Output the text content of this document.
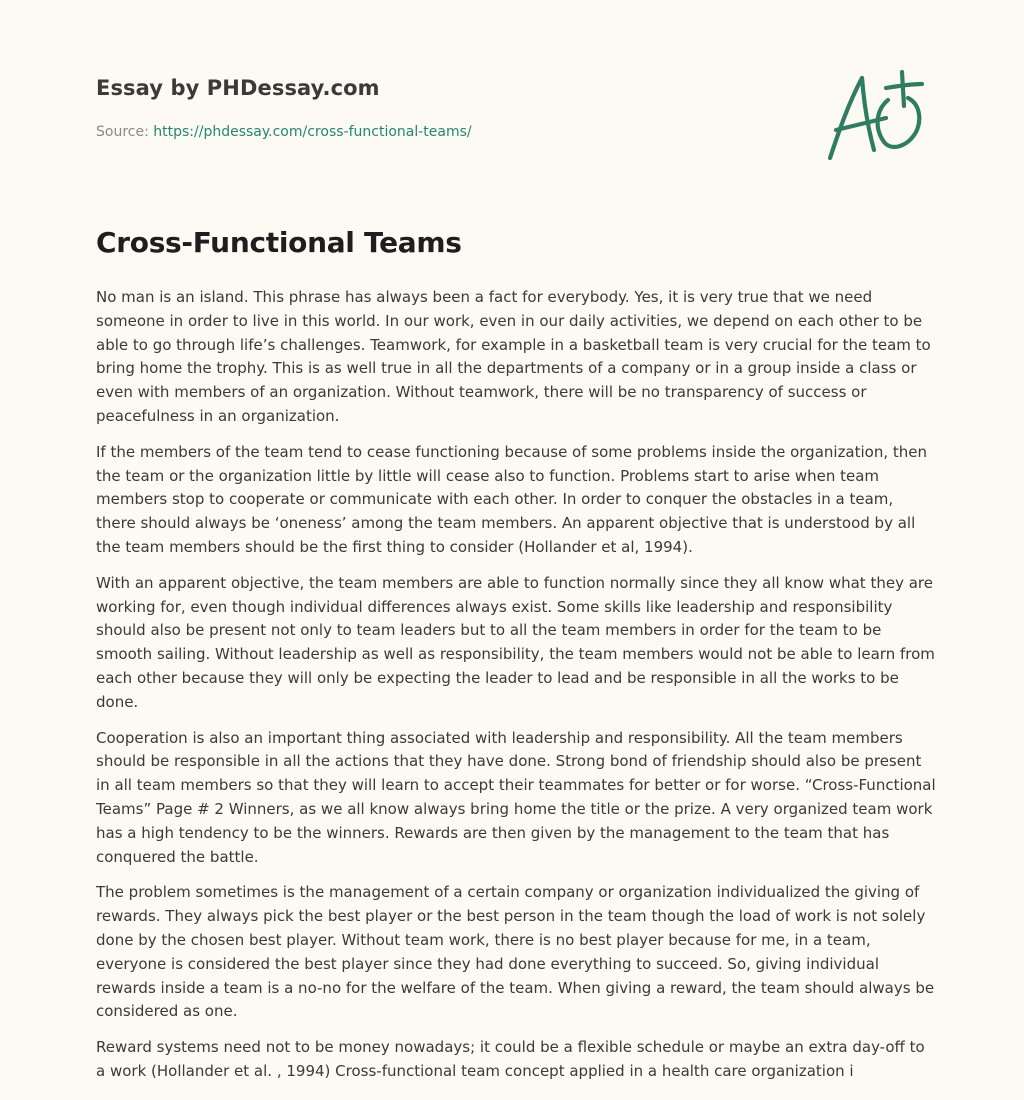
Essay by PHDessay.com

Source: https://phdessay.com/cross-functional-teams/

Cross-Functional Teams

No man is an island. This phrase has always been a fact for everybody. Yes, it is very true that we need someone in order to live in this world. In our work, even in our daily activities, we depend on each other to be able to go through life’s challenges. Teamwork, for example in a basketball team is very crucial for the team to bring home the trophy. This is as well true in all the departments of a company or in a group inside a class or even with members of an organization. Without teamwork, there will be no transparency of success or peacefulness in an organization.

If the members of the team tend to cease functioning because of some problems inside the organization, then the team or the organization little by little will cease also to function. Problems start to arise when team members stop to cooperate or communicate with each other. In order to conquer the obstacles in a team, there should always be ‘oneness’ among the team members. An apparent objective that is understood by all the team members should be the first thing to consider (Hollander et al, 1994).

With an apparent objective, the team members are able to function normally since they all know what they are working for, even though individual differences always exist. Some skills like leadership and responsibility should also be present not only to team leaders but to all the team members in order for the team to be smooth sailing. Without leadership as well as responsibility, the team members would not be able to learn from each other because they will only be expecting the leader to lead and be responsible in all the works to be done.

Cooperation is also an important thing associated with leadership and responsibility. All the team members should be responsible in all the actions that they have done. Strong bond of friendship should also be present in all team members so that they will learn to accept their teammates for better or for worse. “Cross-Functional Teams” Page # 2 Winners, as we all know always bring home the title or the prize. A very organized team work has a high tendency to be the winners. Rewards are then given by the management to the team that has conquered the battle.

The problem sometimes is the management of a certain company or organization individualized the giving of rewards. They always pick the best player or the best person in the team though the load of work is not solely done by the chosen best player. Without team work, there is no best player because for me, in a team, everyone is considered the best player since they had done everything to succeed. So, giving individual rewards inside a team is a no-no for the welfare of the team. When giving a reward, the team should always be considered as one.

Reward systems need not to be money nowadays; it could be a flexible schedule or maybe an extra day-off to a work (Hollander et al. , 1994) Cross-functional team concept applied in a health care organization i
